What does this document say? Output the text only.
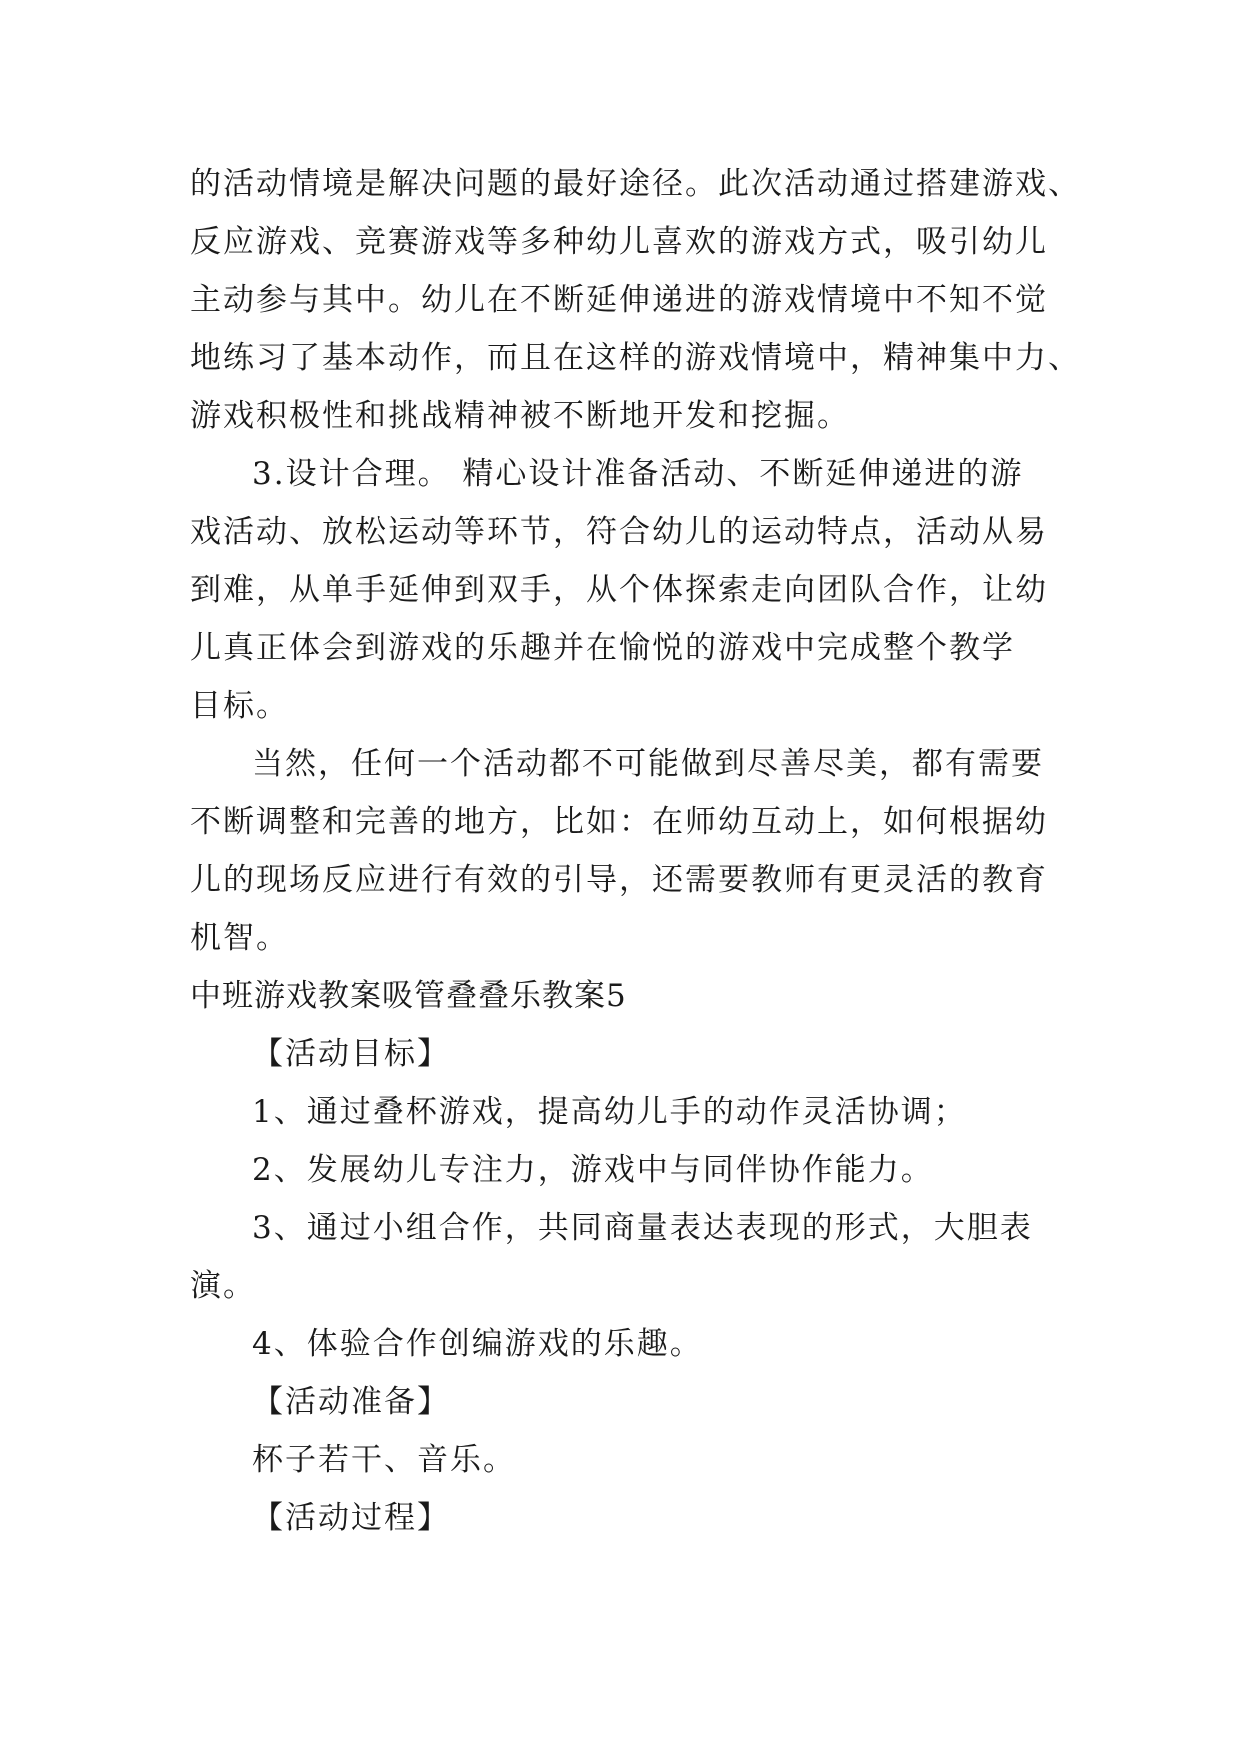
的活动情境是解决问题的最好途径。此次活动通过搭建游戏、
反应游戏、竞赛游戏等多种幼儿喜欢的游戏方式，吸引幼儿
主动参与其中。幼儿在不断延伸递进的游戏情境中不知不觉
地练习了基本动作，而且在这样的游戏情境中，精神集中力、
游戏积极性和挑战精神被不断地开发和挖掘。
3.设计合理。 精心设计准备活动、不断延伸递进的游
戏活动、放松运动等环节，符合幼儿的运动特点，活动从易
到难，从单手延伸到双手，从个体探索走向团队合作，让幼
儿真正体会到游戏的乐趣并在愉悦的游戏中完成整个教学
目标。
当然，任何一个活动都不可能做到尽善尽美，都有需要
不断调整和完善的地方，比如：在师幼互动上，如何根据幼
儿的现场反应进行有效的引导，还需要教师有更灵活的教育
机智。
中班游戏教案吸管叠叠乐教案5
【活动目标】
1、通过叠杯游戏，提高幼儿手的动作灵活协调；
2、发展幼儿专注力，游戏中与同伴协作能力。
3、通过小组合作，共同商量表达表现的形式，大胆表
演。
4、体验合作创编游戏的乐趣。
【活动准备】
杯子若干、音乐。
【活动过程】
